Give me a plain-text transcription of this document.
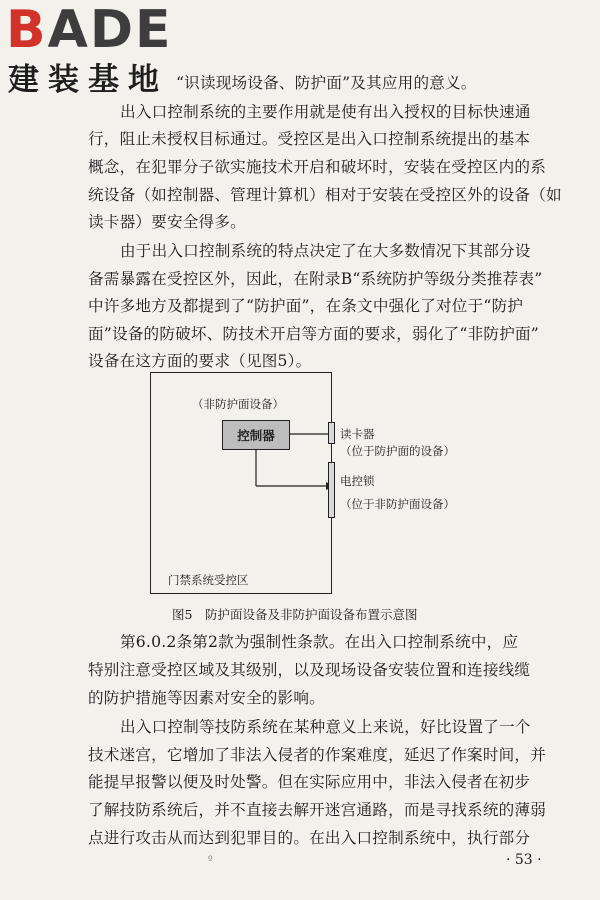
BADE
建装基地 “识读现场设备、防护面”及其应用的意义。
出入口控制系统的主要作用就是使有出入授权的目标快速通
行，阻止未授权目标通过。受控区是出入口控制系统提出的基本
概念，在犯罪分子欲实施技术开启和破坏时，安装在受控区内的系
统设备（如控制器、管理计算机）相对于安装在受控区外的设备（如
读卡器）要安全得多。
由于出入口控制系统的特点决定了在大多数情况下其部分设
备需暴露在受控区外，因此，在附录B“系统防护等级分类推荐表”
中许多地方及都提到了“防护面”，在条文中强化了对位于“防护
面”设备的防破坏、防技术开启等方面的要求，弱化了“非防护面”
设备在这方面的要求（见图5）。
（非防护面设备）
控制器	读卡器
（位于防护面的设备）
电控锁
（位于非防护面设备）
门禁系统受控区
图5　防护面设备及非防护面设备布置示意图
第6.0.2条第2款为强制性条款。在出入口控制系统中，应
特别注意受控区域及其级别，以及现场设备安装位置和连接线缆
的防护措施等因素对安全的影响。
出入口控制等技防系统在某种意义上来说，好比设置了一个
技术迷宫，它增加了非法入侵者的作案难度，延迟了作案时间，并
能提早报警以便及时处警。但在实际应用中，非法入侵者在初步
了解技防系统后，并不直接去解开迷宫通路，而是寻找系统的薄弱
点进行攻击从而达到犯罪目的。在出入口控制系统中，执行部分
º	· 53 ·
